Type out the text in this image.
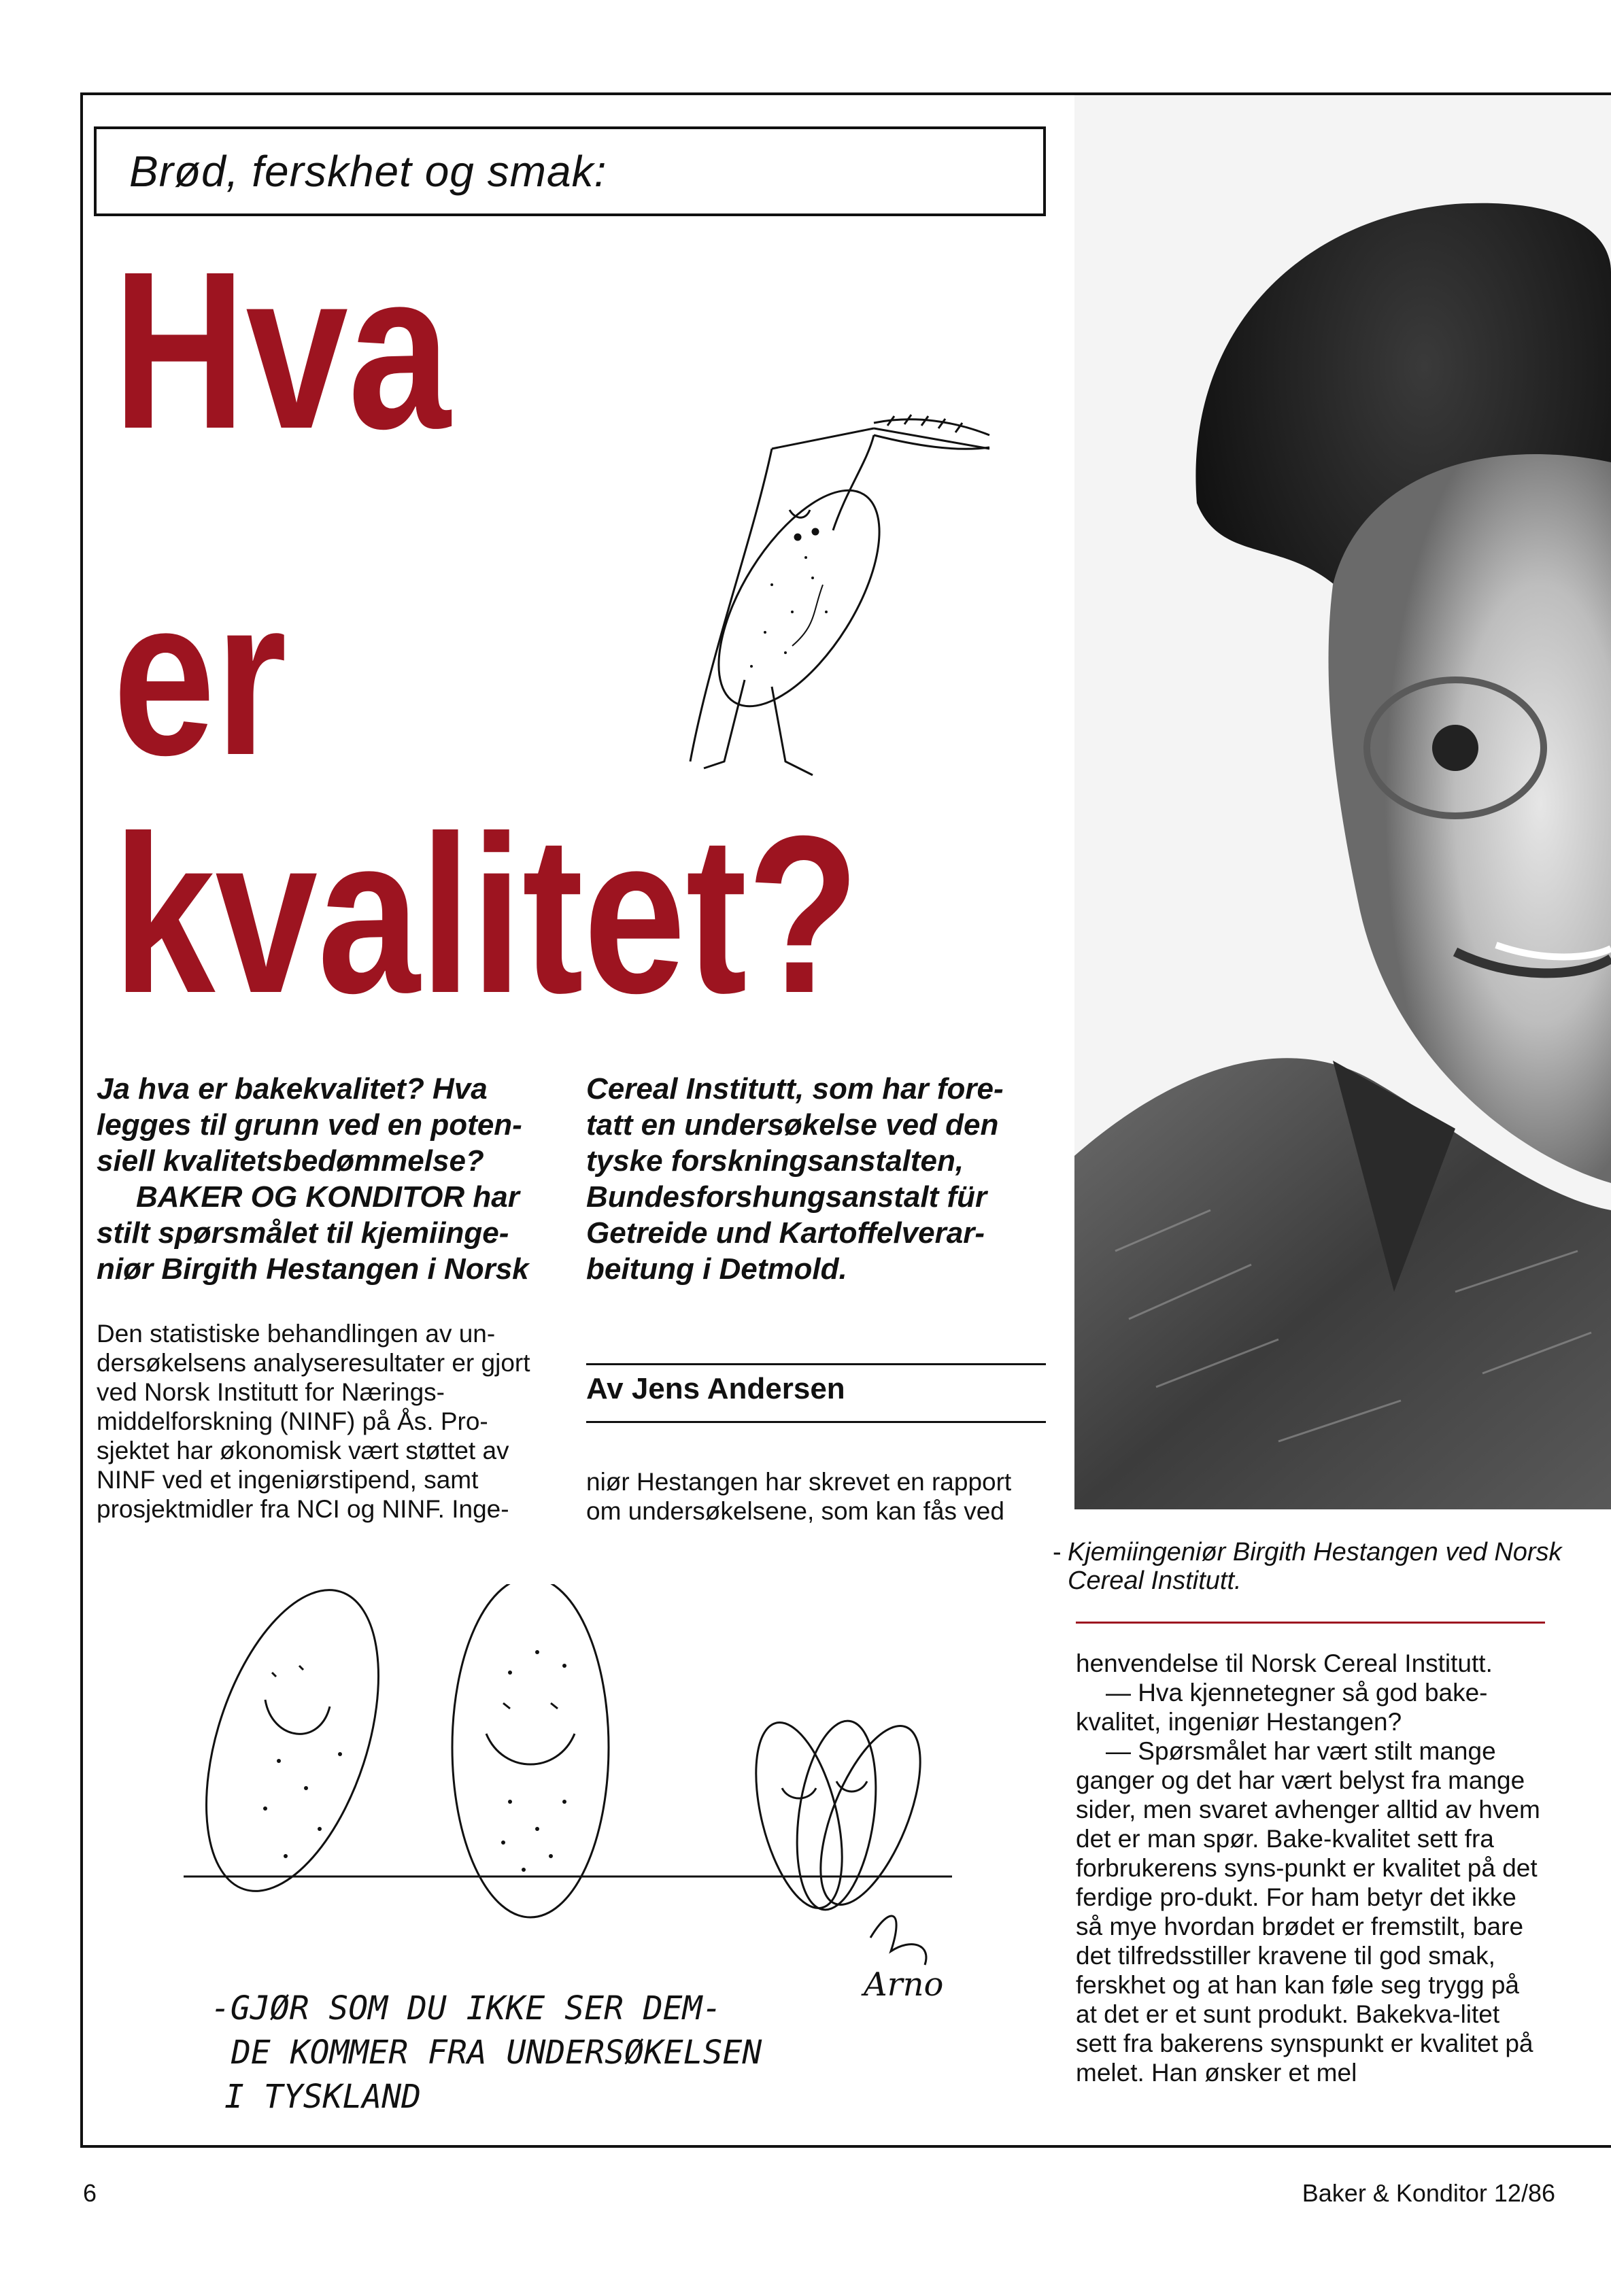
Brød, ferskhet og smak:
Hva
er
kvalitet?

Ja hva er bakekvalitet? Hva legges til grunn ved en poten-siell kvalitetsbedømmelse?

BAKER OG KONDITOR har stilt spørsmålet til kjemiinge-niør Birgith Hestangen i Norsk

Cereal Institutt, som har fore-tatt en undersøkelse ved den tyske forskningsanstalten, Bundesforshungsanstalt für Getreide und Kartoffelverar-beitung i Detmold.

Den statistiske behandlingen av un-dersøkelsens analyseresultater er gjort ved Norsk Institutt for Nærings-middelforskning (NINF) på Ås. Pro-sjektet har økonomisk vært støttet av NINF ved et ingeniørstipend, samt prosjektmidler fra NCI og NINF. Inge-

Av Jens Andersen

niør Hestangen har skrevet en rapport om undersøkelsene, som kan fås ved

- Kjemiingeniør Birgith Hestangen ved Norsk Cereal Institutt.

henvendelse til Norsk Cereal Institutt.

— Hva kjennetegner så god bake-kvalitet, ingeniør Hestangen?

— Spørsmålet har vært stilt mange ganger og det har vært belyst fra mange sider, men svaret avhenger alltid av hvem det er man spør. Bake-kvalitet sett fra forbrukerens syns-punkt er kvalitet på det ferdige pro-dukt. For ham betyr det ikke så mye hvordan brødet er fremstilt, bare det tilfredsstiller kravene til god smak, ferskhet og at han kan føle seg trygg på at det er et sunt produkt. Bakekva-litet sett fra bakerens synspunkt er kvalitet på melet. Han ønsker et mel

Arno
-GJØR SOM DU IKKE SER DEM-
DE KOMMER FRA UNDERSØKELSEN
I TYSKLAND
6	Baker & Konditor 12/86
